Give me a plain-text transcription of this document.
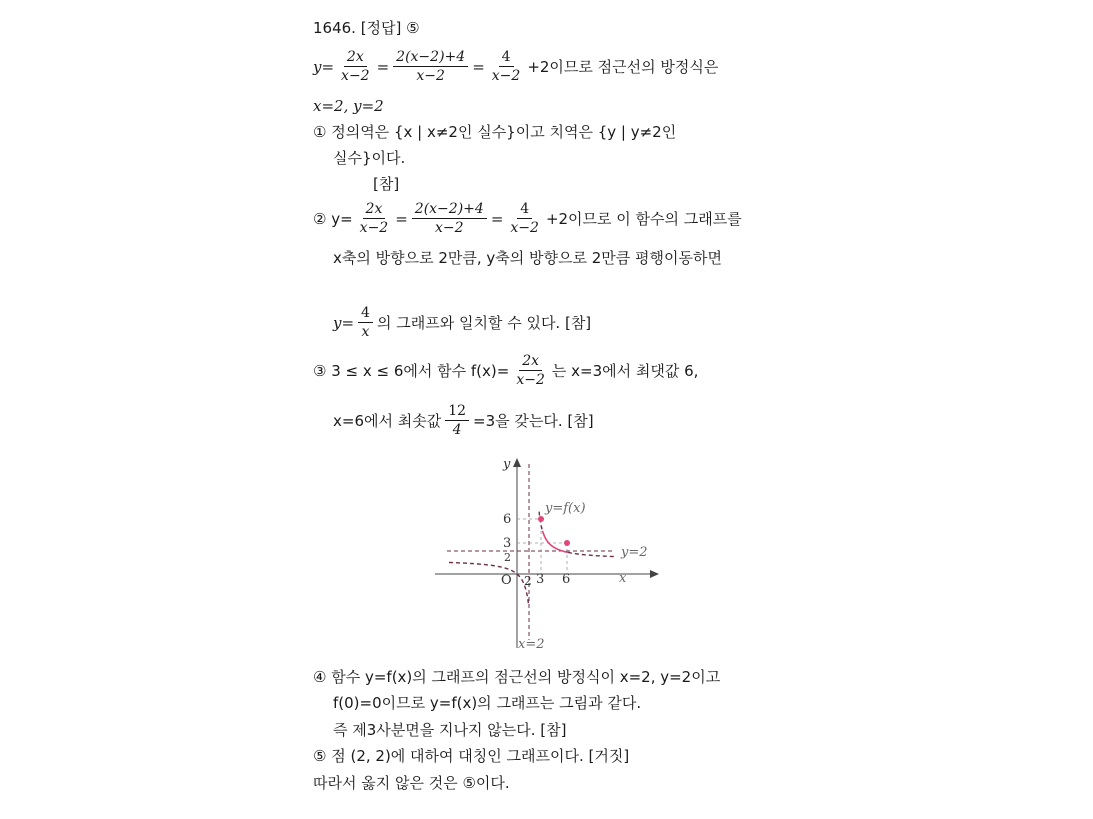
1646. [정답] ⑤
$y= \frac{2x}{x-2} = \frac{2(x-2)+4}{x-2} = \frac{4}{x-2} +2$이므로 점근선의 방정식은
x=2, y=2
① 정의역은 {x | x≠2인 실수}이고 치역은 {y | y≠2인
실수}이다.
[참]
② $y= \frac{2x}{x-2} = \frac{2(x-2)+4}{x-2} = \frac{4}{x-2} +2$이므로 이 함수의 그래프를
x축의 방향으로 2만큼, y축의 방향으로 2만큼 평행이동하면
$y= \frac{4}{x}$ 의 그래프와 일치할 수 있다. [참]
③ 3 ≤ x ≤ 6에서 함수 $f(x)= \frac{2x}{x-2}$ 는 x=3에서 최댓값 6,
x=6에서 최솟값 $\frac{12}{4} =3$을 갖는다. [참]
y
x
O
6
3
2
2 3 6
y=f(x)
y=2
x=2
④ 함수 y=f(x)의 그래프의 점근선의 방정식이 x=2, y=2이고
f(0)=0이므로 y=f(x)의 그래프는 그림과 같다.
즉 제3사분면을 지나지 않는다. [참]
⑤ 점 (2, 2)에 대하여 대칭인 그래프이다. [거짓]
따라서 옳지 않은 것은 ⑤이다.
